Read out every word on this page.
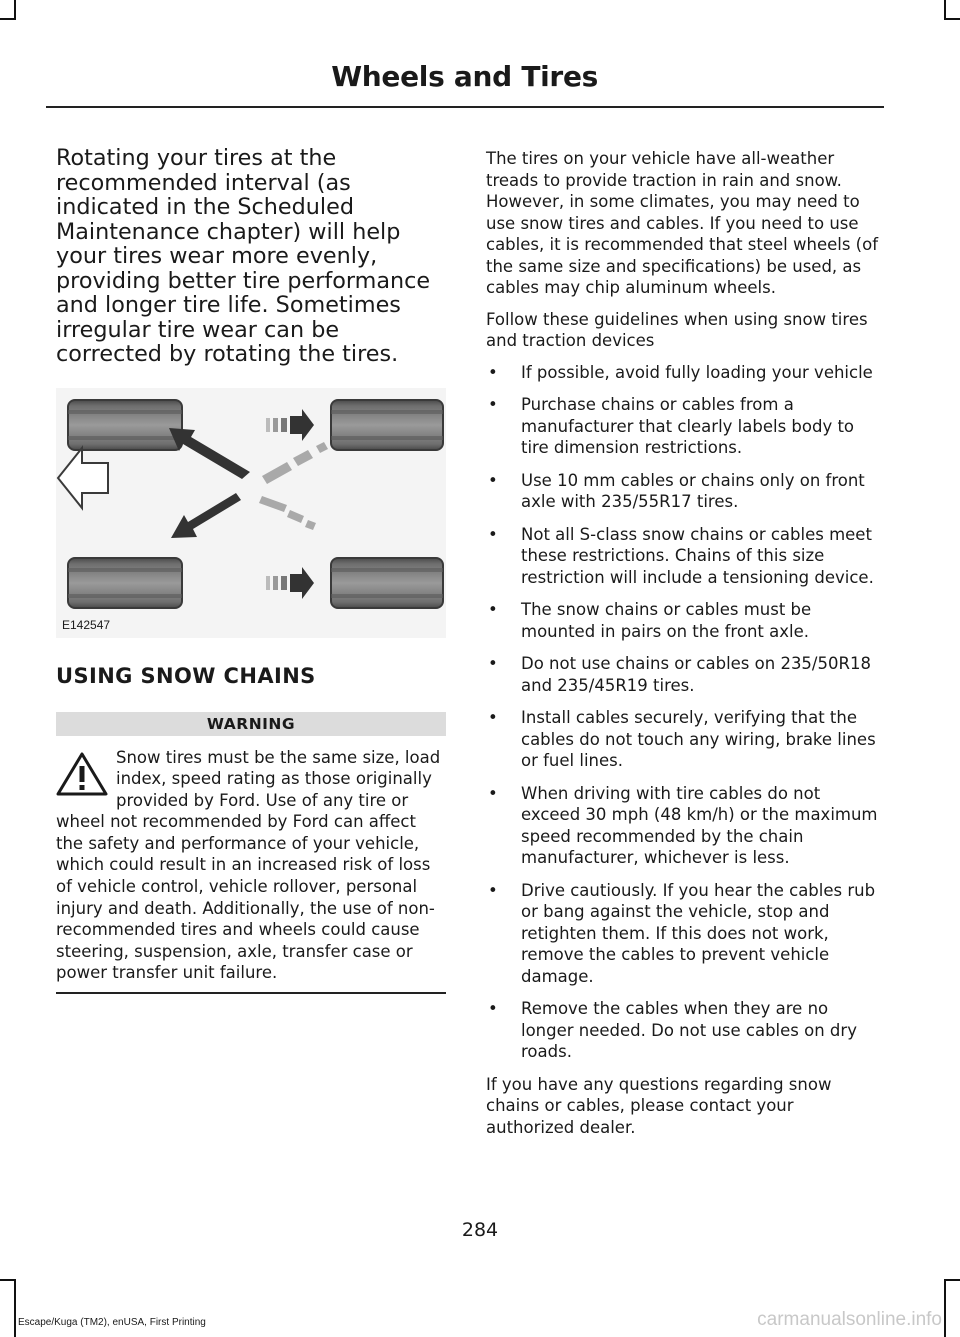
Wheels and Tires

Rotating your tires at the recommended interval (as indicated in the Scheduled Maintenance chapter) will help your tires wear more evenly, providing better tire performance and longer tire life. Sometimes irregular tire wear can be corrected by rotating the tires.

E142547
USING SNOW CHAINS
WARNING

Snow tires must be the same size, load index, speed rating as those originally provided by Ford. Use of any tire or wheel not recommended by Ford can affect the safety and performance of your vehicle, which could result in an increased risk of loss of vehicle control, vehicle rollover, personal injury and death. Additionally, the use of non-recommended tires and wheels could cause steering, suspension, axle, transfer case or power transfer unit failure.

The tires on your vehicle have all-weather treads to provide traction in rain and snow. However, in some climates, you may need to use snow tires and cables. If you need to use cables, it is recommended that steel wheels (of the same size and specifications) be used, as cables may chip aluminum wheels.

Follow these guidelines when using snow tires and traction devices

• If possible, avoid fully loading your vehicle
• Purchase chains or cables from a manufacturer that clearly labels body to tire dimension restrictions.
• Use 10 mm cables or chains only on front axle with 235/55R17 tires.
• Not all S-class snow chains or cables meet these restrictions. Chains of this size restriction will include a tensioning device.
• The snow chains or cables must be mounted in pairs on the front axle.
• Do not use chains or cables on 235/50R18 and 235/45R19 tires.
• Install cables securely, verifying that the cables do not touch any wiring, brake lines or fuel lines.
• When driving with tire cables do not exceed 30 mph (48 km/h) or the maximum speed recommended by the chain manufacturer, whichever is less.
• Drive cautiously. If you hear the cables rub or bang against the vehicle, stop and retighten them. If this does not work, remove the cables to prevent vehicle damage.
• Remove the cables when they are no longer needed. Do not use cables on dry roads.

If you have any questions regarding snow chains or cables, please contact your authorized dealer.

284
Escape/Kuga (TM2), enUSA, First Printing	carmanualsonline.info
